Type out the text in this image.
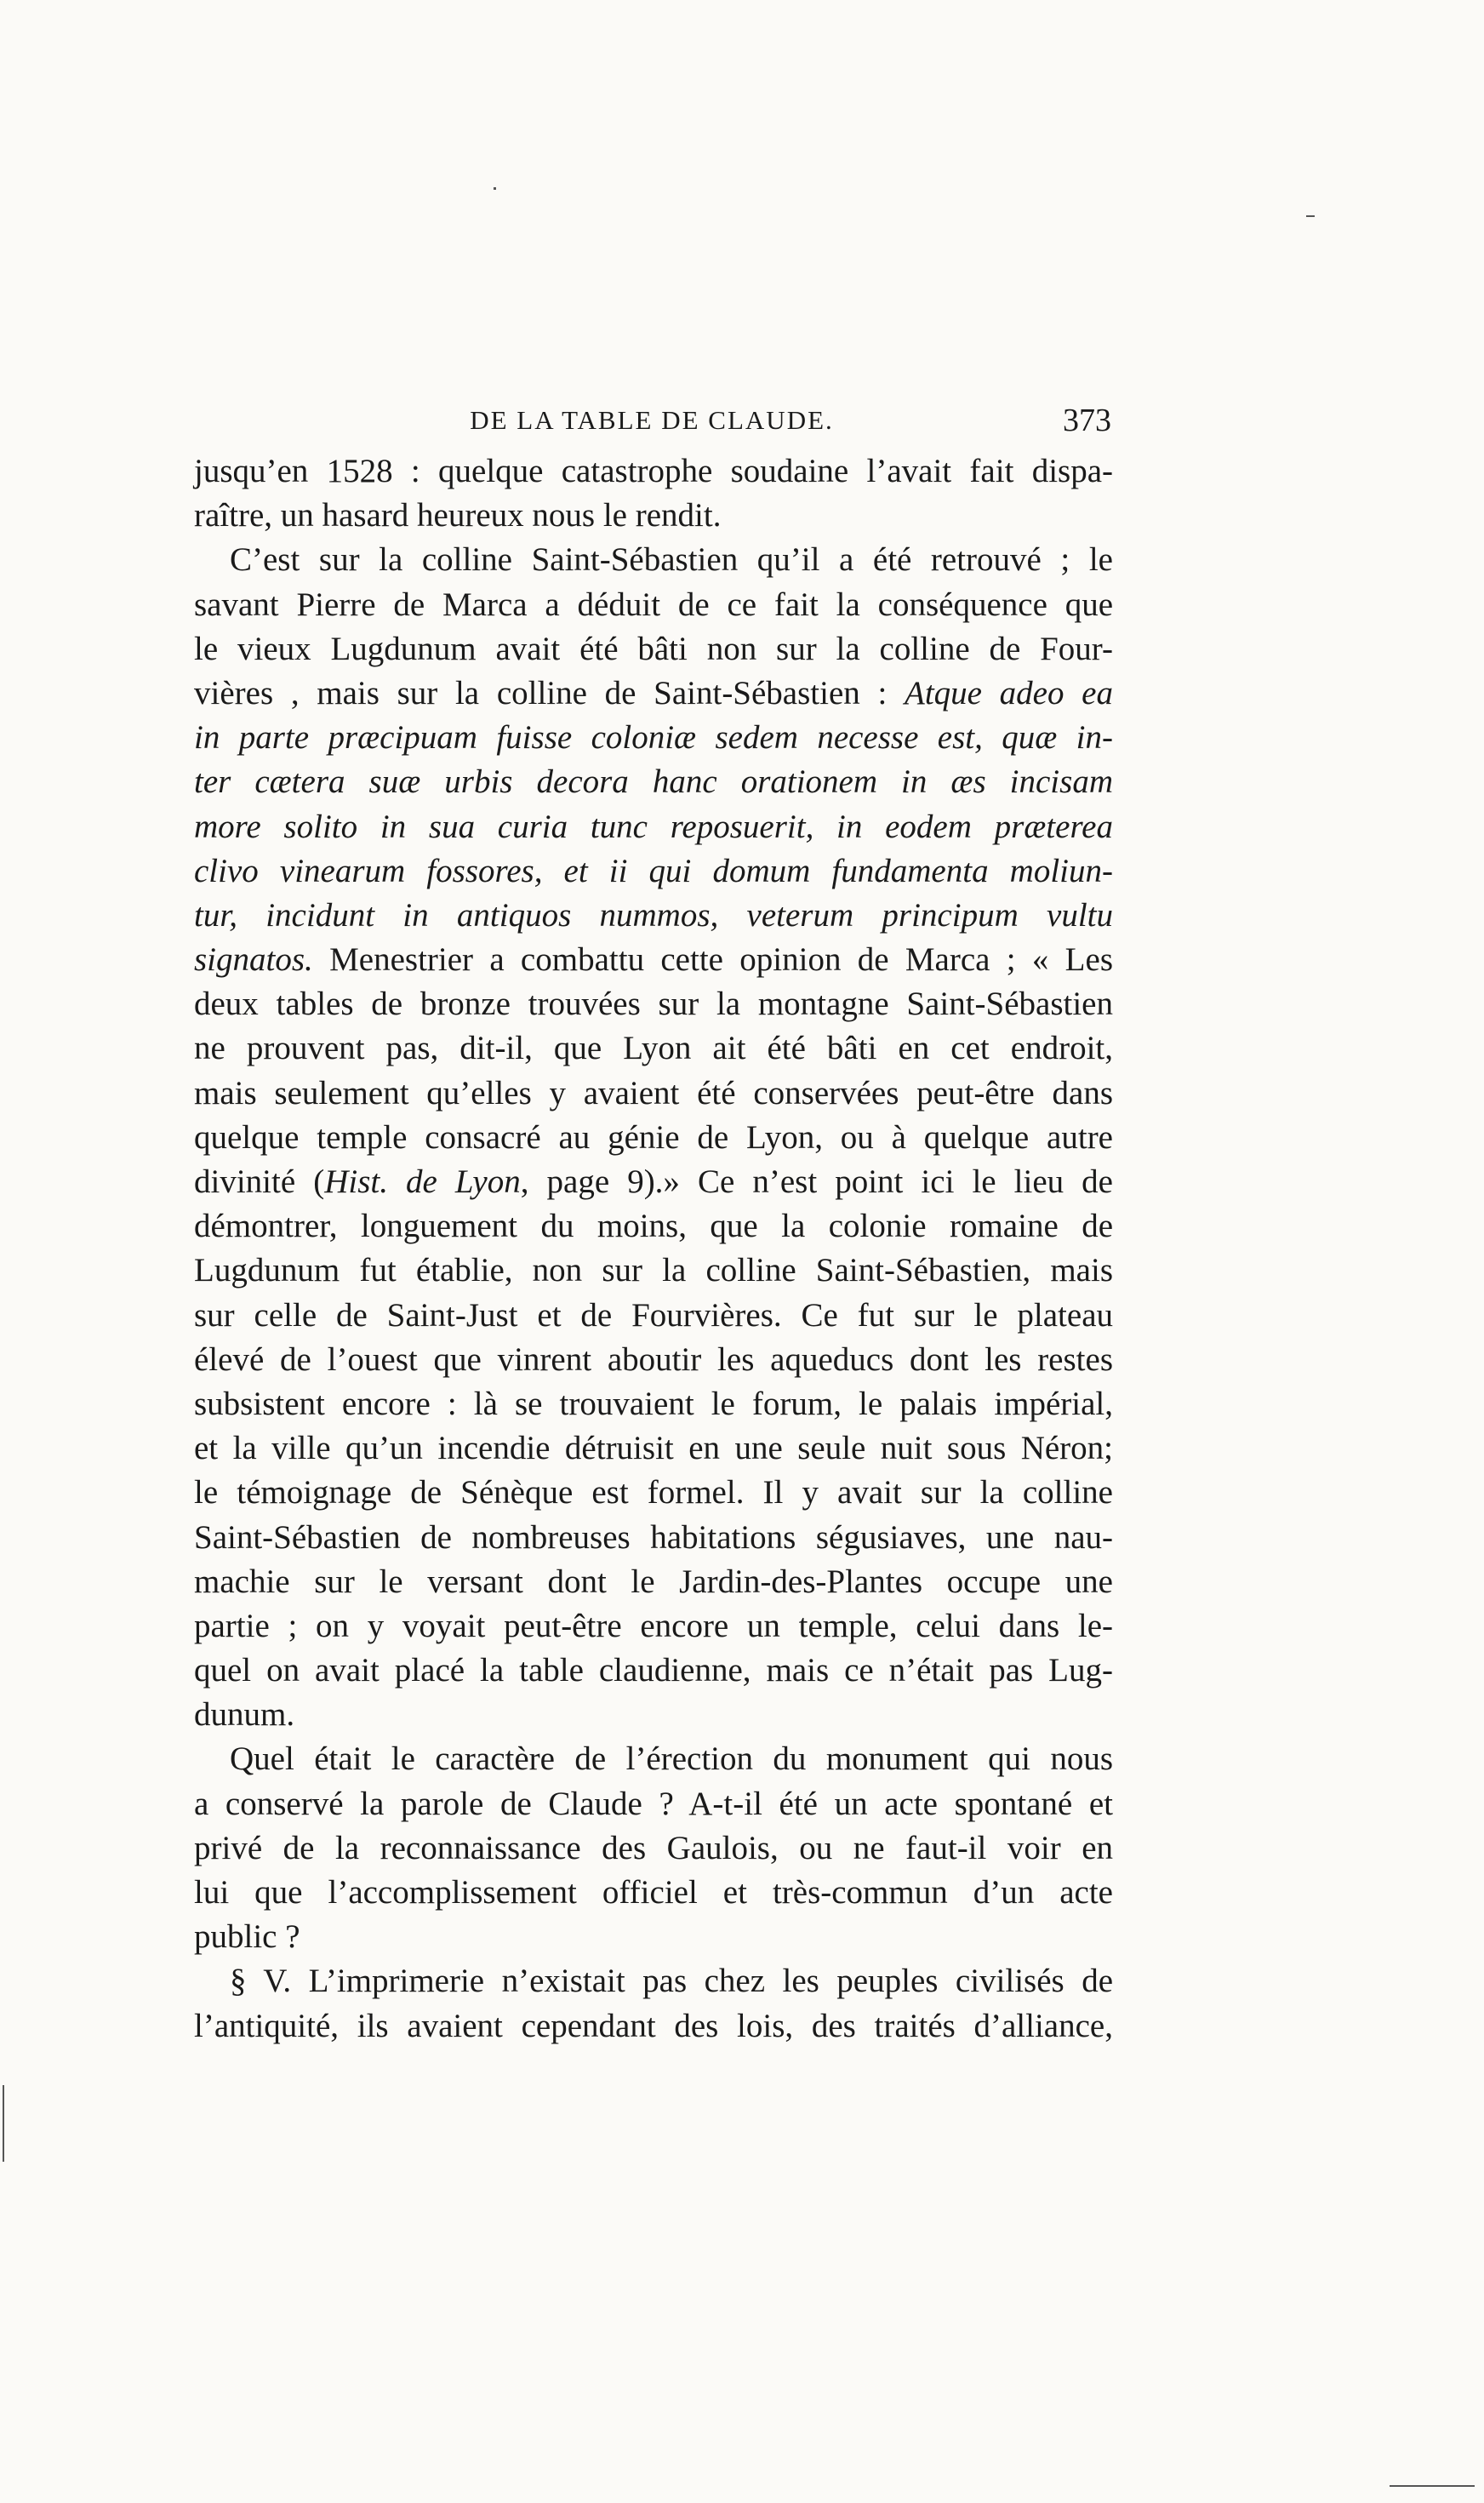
DE LA TABLE DE CLAUDE.	373
jusqu’en 1528 : quelque catastrophe soudaine l’avait fait dispa-
raître, un hasard heureux nous le rendit.
C’est sur la colline Saint-Sébastien qu’il a été retrouvé ; le
savant Pierre de Marca a déduit de ce fait la conséquence que
le vieux Lugdunum avait été bâti non sur la colline de Four-
vières , mais sur la colline de Saint-Sébastien : Atque adeo ea
in parte præcipuam fuisse coloniæ sedem necesse est, quæ in-
ter cætera suæ urbis decora hanc orationem in æs incisam
more solito in sua curia tunc reposuerit, in eodem præterea
clivo vinearum fossores, et ii qui domum fundamenta moliun-
tur, incidunt in antiquos nummos, veterum principum vultu
signatos. Menestrier a combattu cette opinion de Marca ; « Les
deux tables de bronze trouvées sur la montagne Saint-Sébastien
ne prouvent pas, dit-il, que Lyon ait été bâti en cet endroit,
mais seulement qu’elles y avaient été conservées peut-être dans
quelque temple consacré au génie de Lyon, ou à quelque autre
divinité (Hist. de Lyon, page 9).» Ce n’est point ici le lieu de
démontrer, longuement du moins, que la colonie romaine de
Lugdunum fut établie, non sur la colline Saint-Sébastien, mais
sur celle de Saint-Just et de Fourvières. Ce fut sur le plateau
élevé de l’ouest que vinrent aboutir les aqueducs dont les restes
subsistent encore : là se trouvaient le forum, le palais impérial,
et la ville qu’un incendie détruisit en une seule nuit sous Néron;
le témoignage de Sénèque est formel. Il y avait sur la colline
Saint-Sébastien de nombreuses habitations ségusiaves, une nau-
machie sur le versant dont le Jardin-des-Plantes occupe une
partie ; on y voyait peut-être encore un temple, celui dans le-
quel on avait placé la table claudienne, mais ce n’était pas Lug-
dunum.
Quel était le caractère de l’érection du monument qui nous
a conservé la parole de Claude ? A-t-il été un acte spontané et
privé de la reconnaissance des Gaulois, ou ne faut-il voir en
lui que l’accomplissement officiel et très-commun d’un acte
public ?
§ V. L’imprimerie n’existait pas chez les peuples civilisés de
l’antiquité, ils avaient cependant des lois, des traités d’alliance,
